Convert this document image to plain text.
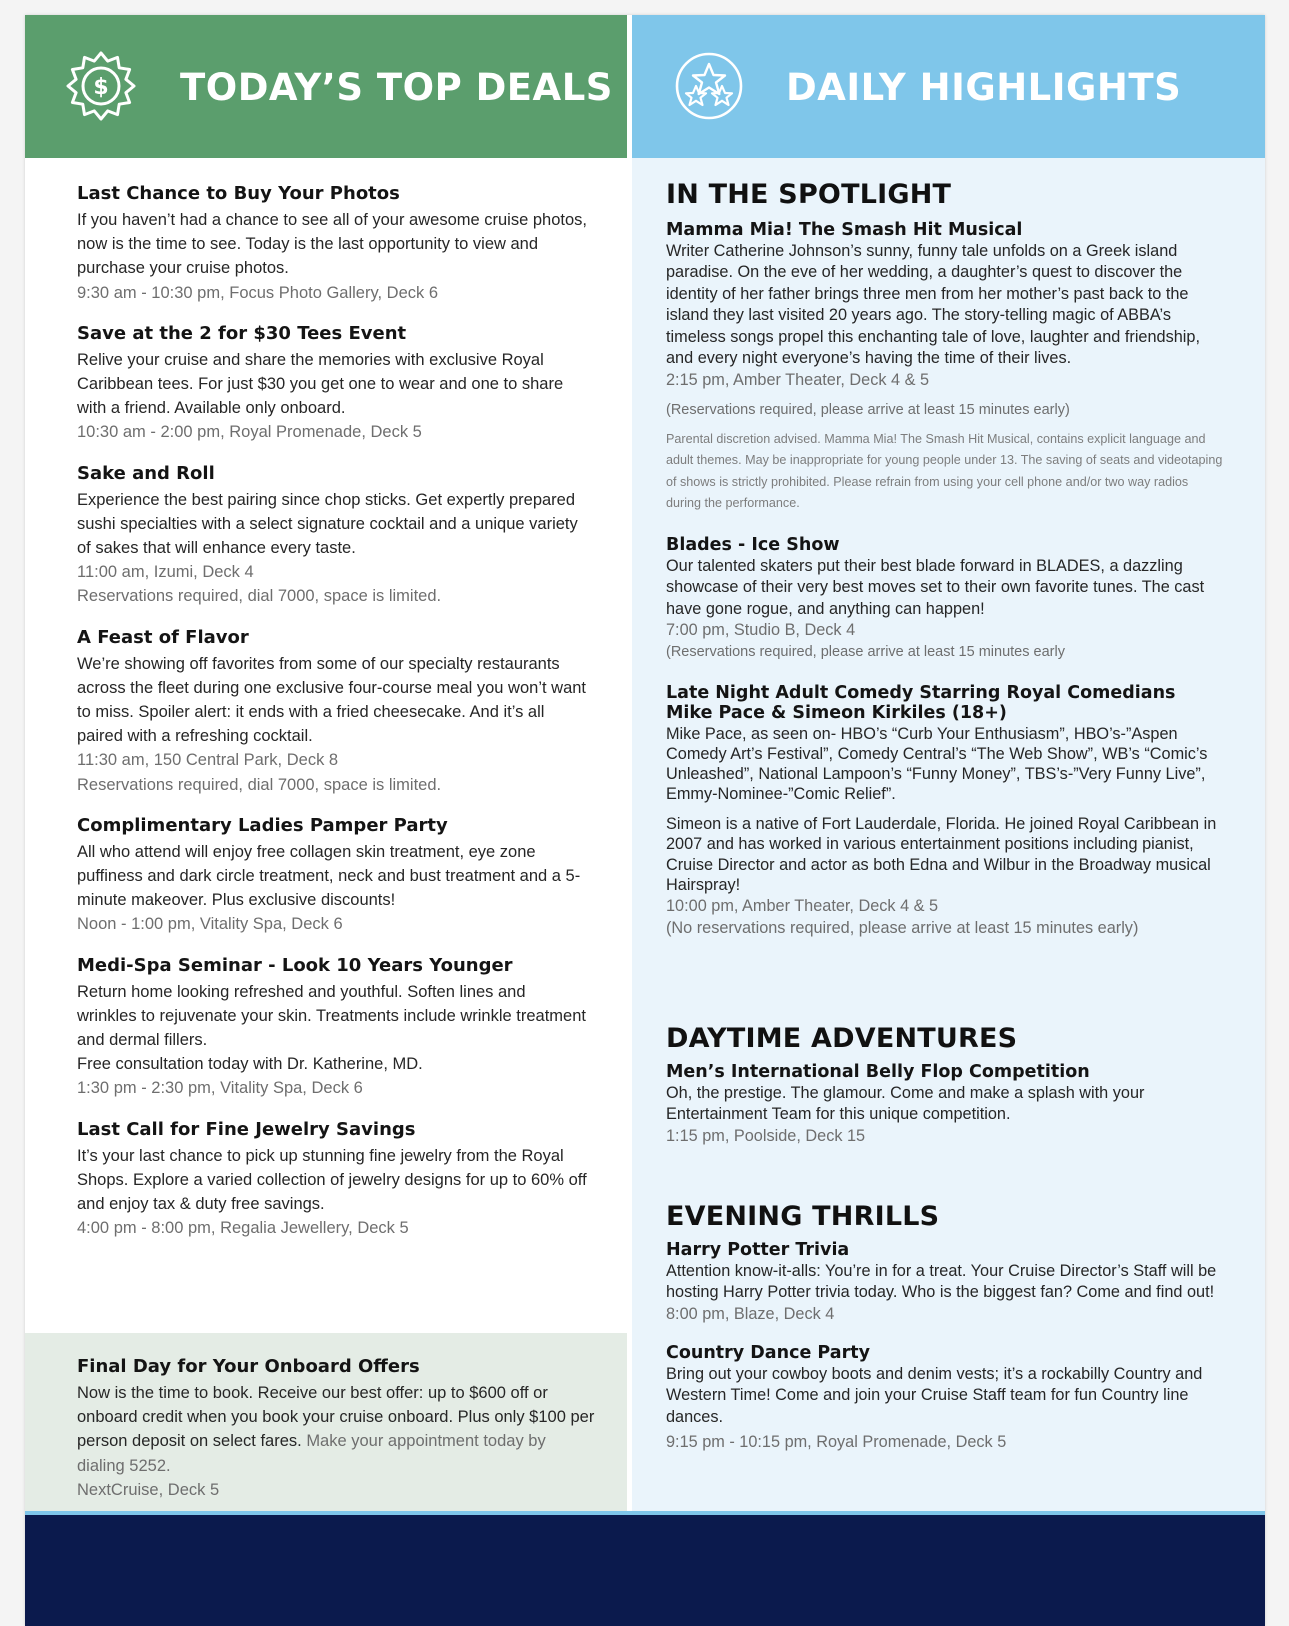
$ TODAY’S TOP DEALS

Last Chance to Buy Your Photos

If you haven’t had a chance to see all of your awesome cruise photos, now is the time to see. Today is the last opportunity to view and purchase your cruise photos.

9:30 am - 10:30 pm, Focus Photo Gallery, Deck 6

Save at the 2 for $30 Tees Event

Relive your cruise and share the memories with exclusive Royal Caribbean tees. For just $30 you get one to wear and one to share with a friend. Available only onboard.

10:30 am - 2:00 pm, Royal Promenade, Deck 5

Sake and Roll

Experience the best pairing since chop sticks. Get expertly prepared sushi specialties with a select signature cocktail and a unique variety of sakes that will enhance every taste.

11:00 am, Izumi, Deck 4

Reservations required, dial 7000, space is limited.

A Feast of Flavor

We’re showing off favorites from some of our specialty restaurants across the fleet during one exclusive four-course meal you won’t want to miss. Spoiler alert: it ends with a fried cheesecake. And it’s all paired with a refreshing cocktail.

11:30 am, 150 Central Park, Deck 8

Reservations required, dial 7000, space is limited.

Complimentary Ladies Pamper Party

All who attend will enjoy free collagen skin treatment, eye zone puffiness and dark circle treatment, neck and bust treatment and a 5-minute makeover. Plus exclusive discounts!

Noon - 1:00 pm, Vitality Spa, Deck 6

Medi-Spa Seminar - Look 10 Years Younger

Return home looking refreshed and youthful. Soften lines and wrinkles to rejuvenate your skin. Treatments include wrinkle treatment and dermal fillers.

Free consultation today with Dr. Katherine, MD.

1:30 pm - 2:30 pm, Vitality Spa, Deck 6

Last Call for Fine Jewelry Savings

It’s your last chance to pick up stunning fine jewelry from the Royal Shops. Explore a varied collection of jewelry designs for up to 60% off and enjoy tax & duty free savings.

4:00 pm - 8:00 pm, Regalia Jewellery, Deck 5

Final Day for Your Onboard Offers

Now is the time to book. Receive our best offer: up to $600 off or onboard credit when you book your cruise onboard. Plus only $100 per person deposit on select fares. Make your appointment today by dialing 5252.

NextCruise, Deck 5

DAILY HIGHLIGHTS
IN THE SPOTLIGHT

Mamma Mia! The Smash Hit Musical

Writer Catherine Johnson’s sunny, funny tale unfolds on a Greek island paradise. On the eve of her wedding, a daughter’s quest to discover the identity of her father brings three men from her mother’s past back to the island they last visited 20 years ago. The story-telling magic of ABBA’s timeless songs propel this enchanting tale of love, laughter and friendship, and every night everyone’s having the time of their lives.

2:15 pm, Amber Theater, Deck 4 & 5

(Reservations required, please arrive at least 15 minutes early)

Parental discretion advised. Mamma Mia! The Smash Hit Musical, contains explicit language and adult themes. May be inappropriate for young people under 13. The saving of seats and videotaping of shows is strictly prohibited. Please refrain from using your cell phone and/or two way radios during the performance.

Blades - Ice Show

Our talented skaters put their best blade forward in BLADES, a dazzling showcase of their very best moves set to their own favorite tunes. The cast have gone rogue, and anything can happen!

7:00 pm, Studio B, Deck 4

(Reservations required, please arrive at least 15 minutes early

Late Night Adult Comedy Starring Royal Comedians

Mike Pace & Simeon Kirkiles (18+)

Mike Pace, as seen on- HBO’s “Curb Your Enthusiasm”, HBO’s-”Aspen Comedy Art’s Festival”, Comedy Central’s “The Web Show”, WB’s “Comic’s Unleashed”, National Lampoon’s “Funny Money”, TBS’s-”Very Funny Live”, Emmy-Nominee-”Comic Relief”.

Simeon is a native of Fort Lauderdale, Florida. He joined Royal Caribbean in 2007 and has worked in various entertainment positions including pianist, Cruise Director and actor as both Edna and Wilbur in the Broadway musical Hairspray!

10:00 pm, Amber Theater, Deck 4 & 5

(No reservations required, please arrive at least 15 minutes early)

DAYTIME ADVENTURES

Men’s International Belly Flop Competition

Oh, the prestige. The glamour. Come and make a splash with your Entertainment Team for this unique competition.

1:15 pm, Poolside, Deck 15

EVENING THRILLS

Harry Potter Trivia

Attention know-it-alls: You’re in for a treat. Your Cruise Director’s Staff will be hosting Harry Potter trivia today. Who is the biggest fan? Come and find out!

8:00 pm, Blaze, Deck 4

Country Dance Party

Bring out your cowboy boots and denim vests; it’s a rockabilly Country and Western Time! Come and join your Cruise Staff team for fun Country line dances.

9:15 pm - 10:15 pm, Royal Promenade, Deck 5
